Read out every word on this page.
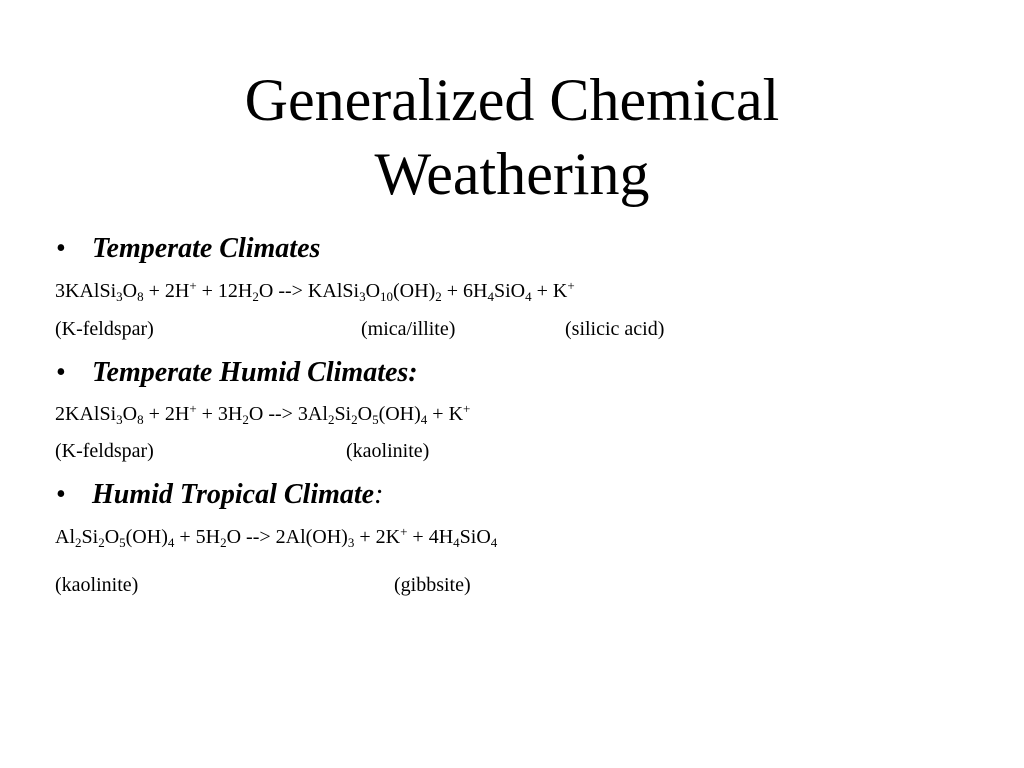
Generalized Chemical
Weathering
• Temperate Climates
$3KAlSi_3O_8 + 2H^+ + 12H_2O$ --> $KAlSi_3O_{10}(OH)_2 + 6H_4SiO_4 + K^+$
(K-feldspar)	(mica/illite)	(silicic acid)
• Temperate Humid Climates:
$2KAlSi_3O_8 + 2H^+ + 3H_2O$ --> $3Al_2Si_2O_5(OH)_4 + K^+$
(K-feldspar)	(kaolinite)
• Humid Tropical Climate:
$Al_2Si_2O_5(OH)_4 + 5H_2O$ --> $2Al(OH)_3 + 2K^+ + 4H_4SiO_4$
(kaolinite)	(gibbsite)
